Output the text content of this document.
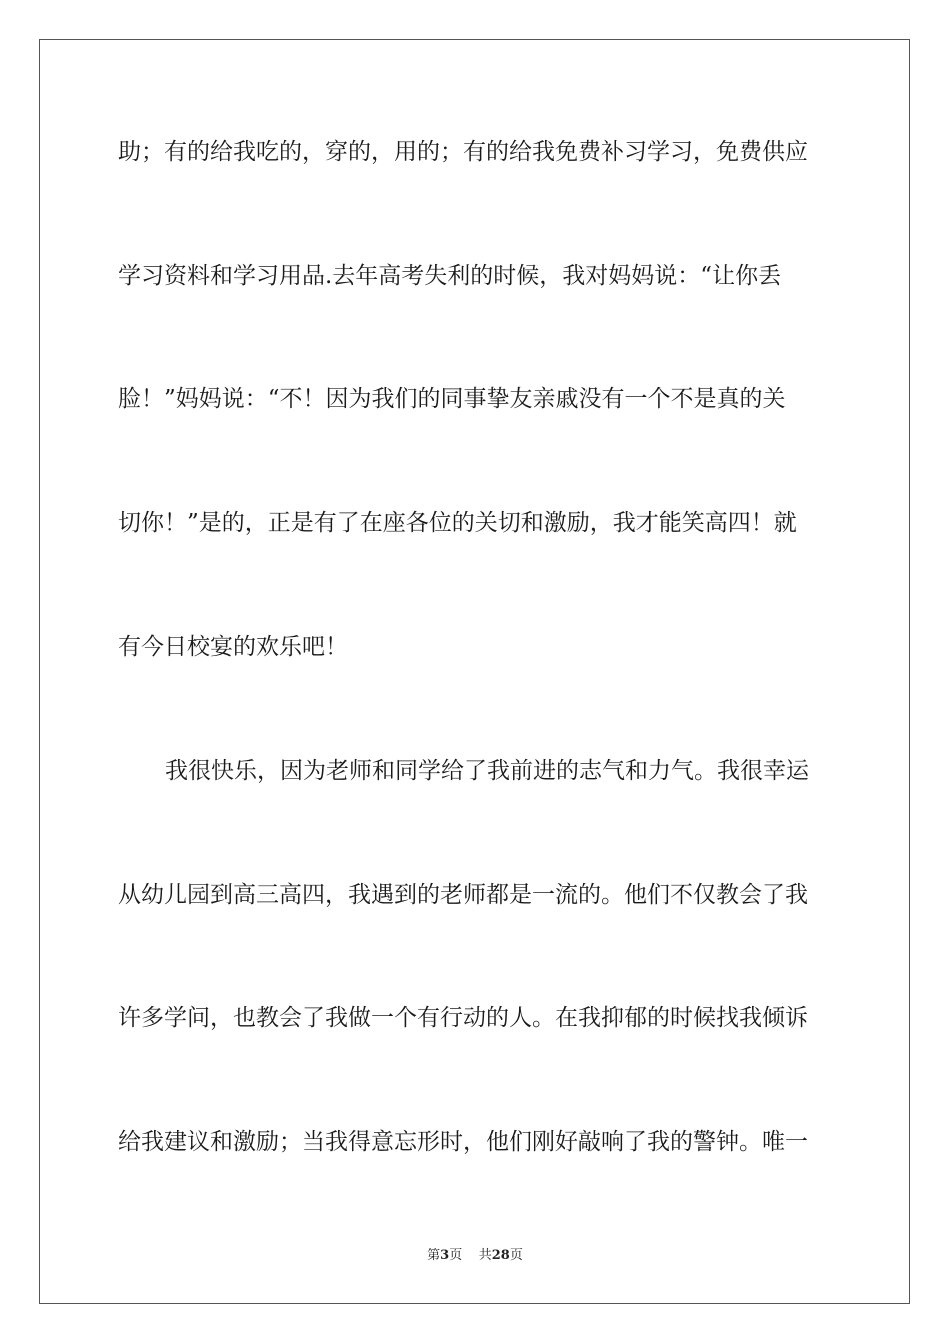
助；有的给我吃的，穿的，用的；有的给我免费补习学习，免费供应
学习资料和学习用品.去年高考失利的时候，我对妈妈说：“让你丢
脸！”妈妈说：“不！因为我们的同事挚友亲戚没有一个不是真的关
切你！”是的，正是有了在座各位的关切和激励，我才能笑高四！就
有今日校宴的欢乐吧！
我很快乐，因为老师和同学给了我前进的志气和力气。我很幸运
从幼儿园到高三高四，我遇到的老师都是一流的。他们不仅教会了我
许多学问，也教会了我做一个有行动的人。在我抑郁的时候找我倾诉
给我建议和激励；当我得意忘形时，他们刚好敲响了我的警钟。唯一
第3页 共28页
